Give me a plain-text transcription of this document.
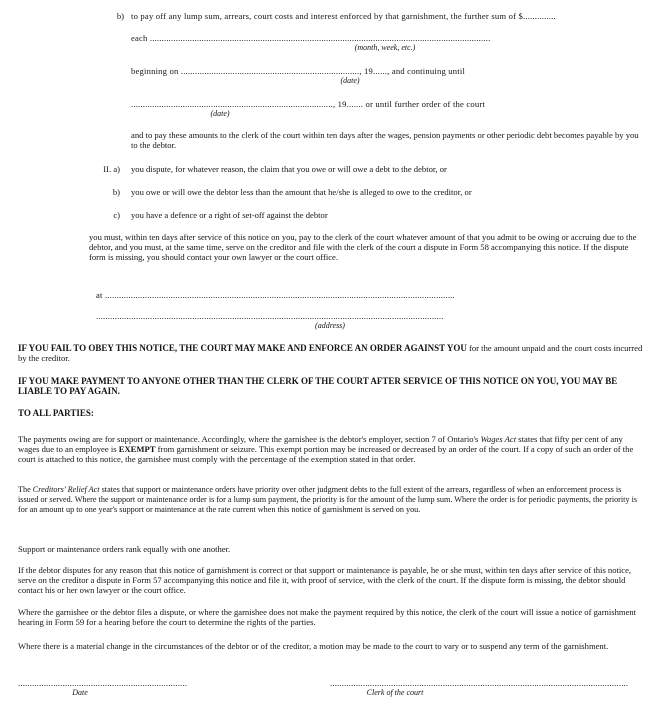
b) to pay off any lump sum, arrears, court costs and interest enforced by that garnishment, the further sum of $..............
each .................................................................................................................................................
(month, week, etc.)
beginning on ............................................................................, 19......, and continuing until
(date)
......................................................................................, 19....... or until further order of the court
(date)

and to pay these amounts to the clerk of the court within ten days after the wages, pension payments or other periodic debt becomes payable by you to the debtor.

II. a) you dispute, for whatever reason, the claim that you owe or will owe a debt to the debtor, or
b) you owe or will owe the debtor less than the amount that he/she is alleged to owe to the creditor, or
c) you have a defence or a right of set-off against the debtor

you must, within ten days after service of this notice on you, pay to the clerk of the court whatever amount of that you admit to be owing or accruing due to the debtor, and you must, at the same time, serve on the creditor and file with the clerk of the court a dispute in Form 58 accompanying this notice. If the dispute form is missing, you should contact your own lawyer or the court office.

at .....................................................................................................................................................
....................................................................................................................................................
(address)

IF YOU FAIL TO OBEY THIS NOTICE, THE COURT MAY MAKE AND ENFORCE AN ORDER AGAINST YOU for the amount unpaid and the court costs incurred by the creditor.

IF YOU MAKE PAYMENT TO ANYONE OTHER THAN THE CLERK OF THE COURT AFTER SERVICE OF THIS NOTICE ON YOU, YOU MAY BE LIABLE TO PAY AGAIN.

TO ALL PARTIES:

The payments owing are for support or maintenance. Accordingly, where the garnishee is the debtor's employer, section 7 of Ontario's Wages Act states that fifty per cent of any wages due to an employee is EXEMPT from garnishment or seizure. This exempt portion may be increased or decreased by an order of the court. If a copy of such an order of the court is attached to this notice, the garnishee must comply with the percentage of the exemption stated in that order.

The Creditors' Relief Act states that support or maintenance orders have priority over other judgment debts to the full extent of the arrears, regardless of when an enforcement process is issued or served. Where the support or maintenance order is for a lump sum payment, the priority is for the amount of the lump sum. Where the order is for periodic payments, the priority is for an amount up to one year's support or maintenance at the rate current when this notice of garnishment is served on you.

Support or maintenance orders rank equally with one another.

If the debtor disputes for any reason that this notice of garnishment is correct or that support or maintenance is payable, he or she must, within ten days after service of this notice, serve on the creditor a dispute in Form 57 accompanying this notice and file it, with proof of service, with the clerk of the court. If the dispute form is missing, the debtor should contact his or her own lawyer or the court office.

Where the garnishee or the debtor files a dispute, or where the garnishee does not make the payment required by this notice, the clerk of the court will issue a notice of garnishment hearing in Form 59 for a hearing before the court to determine the rights of the parties.

Where there is a material change in the circumstances of the debtor or of the creditor, a motion may be made to the court to vary or to suspend any term of the garnishment.

........................................................................	...............................................................................................................................
Date	Clerk of the court
